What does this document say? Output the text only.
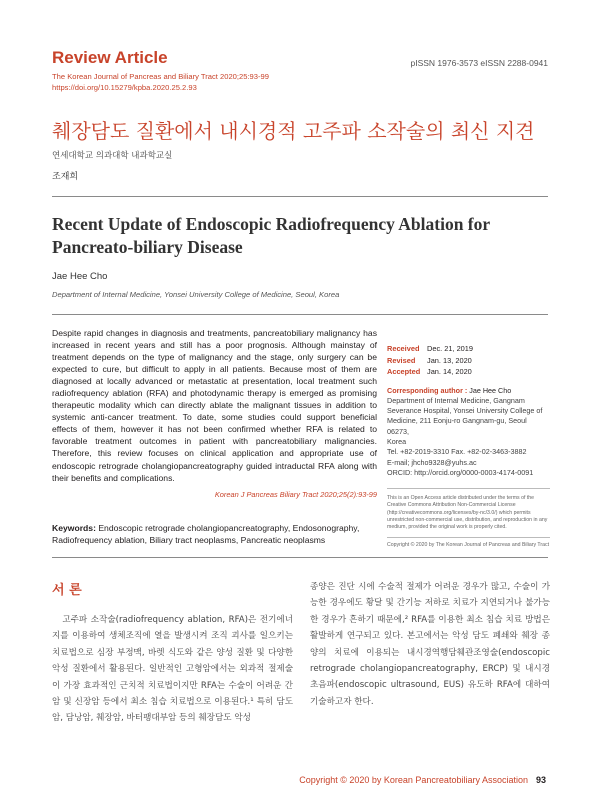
Review Article	pISSN 1976-3573 eISSN 2288-0941
The Korean Journal of Pancreas and Biliary Tract 2020;25:93-99
https://doi.org/10.15279/kpba.2020.25.2.93
췌장담도 질환에서 내시경적 고주파 소작술의 최신 지견
연세대학교 의과대학 내과학교실
조재희
Recent Update of Endoscopic Radiofrequency Ablation for Pancreato-biliary Disease
Jae Hee Cho
Department of Internal Medicine, Yonsei University College of Medicine, Seoul, Korea
Despite rapid changes in diagnosis and treatments, pancreatobiliary malignancy has increased in recent years and still has a poor prognosis. Although mainstay of treatment depends on the type of malignancy and the stage, only surgery can be expected to cure, but difficult to apply in all patients. Because most of them are diagnosed at locally advanced or metastatic at presentation, local treatment such radiofrequency ablation (RFA) and photodynamic therapy is emerged as promising therapeutic modality which can directly ablate the malignant tissues in addition to systemic anti-cancer treatment. To date, some studies could support beneficial effects of them, however it has not been confirmed whether RFA is related to favorable treatment outcomes in patient with pancreatobiliary malignancies. Therefore, this review focuses on clinical application and appropriate use of endoscopic retrograde cholangiopancreatography guided intraductal RFA along with their benefits and complications.
Korean J Pancreas Biliary Tract 2020;25(2):93-99
Received Dec. 21, 2019
Revised Jan. 13, 2020
Accepted Jan. 14, 2020
Corresponding author : Jae Hee Cho
Department of Internal Medicine, Gangnam
Severance Hospital, Yonsei University College of
Medicine, 211 Eonju-ro Gangnam-gu, Seoul 06273,
Korea
Tel. +82-2019-3310 Fax. +82-02-3463-3882
E-mail; jhcho9328@yuhs.ac
ORCID: http://orcid.org/0000-0003-4174-0091
This is an Open Access article distributed under the terms of the Creative Commons Attribution Non-Commercial License (http://creativecommons.org/licenses/by-nc/3.0/) which permits unrestricted non-commercial use, distribution, and reproduction in any medium, provided the original work is properly cited.
Copyright © 2020 by The Korean Journal of Pancreas and Biliary Tract
Keywords: Endoscopic retrograde cholangiopancreatography, Endosonography, Radiofrequency ablation, Biliary tract neoplasms, Pancreatic neoplasms
서 론
고주파 소작술(radiofrequency ablation, RFA)은 전기에너지를 이용하여 생체조직에 열을 발생시켜 조직 괴사를 일으키는 치료법으로 심장 부정맥, 바렛 식도와 같은 양성 질환 및 다양한 악성 질환에서 활용된다. 일반적인 고형암에서는 외과적 절제술이 가장 효과적인 근치적 치료법이지만 RFA는 수술이 어려운 간암 및 신장암 등에서 최소 침습 치료법으로 이용된다.¹ 특히 담도암, 담낭암, 췌장암, 바터팽대부암 등의 췌장담도 악성
종양은 진단 시에 수술적 절제가 어려운 경우가 많고, 수술이 가능한 경우에도 황달 및 간기능 저하로 치료가 지연되거나 불가능한 경우가 흔하기 때문에,² RFA를 이용한 최소 침습 치료 방법은 활발하게 연구되고 있다. 본고에서는 악성 담도 폐쇄와 췌장 종양의 치료에 이용되는 내시경역행담췌관조영술(endoscopic retrograde cholangiopancreatography, ERCP) 및 내시경 초음파(endoscopic ultrasound, EUS) 유도하 RFA에 대하여 기술하고자 한다.
Copyright © 2020 by Korean Pancreatobiliary Association 93
